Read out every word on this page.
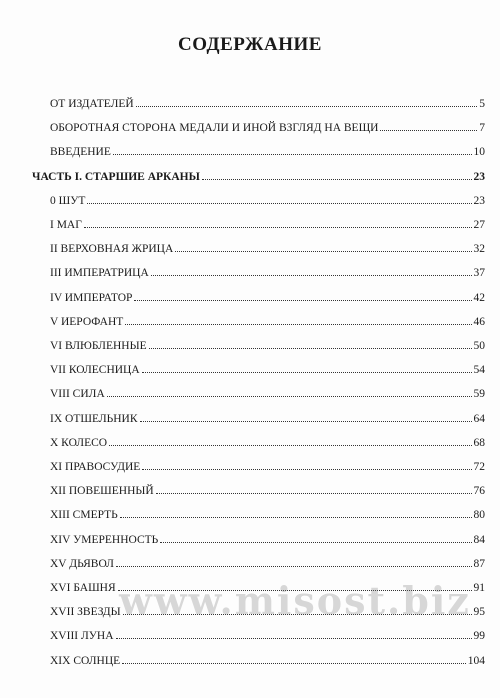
СОДЕРЖАНИЕ
ОТ ИЗДАТЕЛЕЙ	5
ОБОРОТНАЯ СТОРОНА МЕДАЛИ И ИНОЙ ВЗГЛЯД НА ВЕЩИ	7
ВВЕДЕНИЕ	10
ЧАСТЬ I. СТАРШИЕ АРКАНЫ	23
0 ШУТ	23
I МАГ	27
II ВЕРХОВНАЯ ЖРИЦА	32
III ИМПЕРАТРИЦА	37
IV ИМПЕРАТОР	42
V ИЕРОФАНТ	46
VI ВЛЮБЛЕННЫЕ	50
VII КОЛЕСНИЦА	54
VIII СИЛА	59
IX ОТШЕЛЬНИК	64
X КОЛЕСО	68
XI ПРАВОСУДИЕ	72
XII ПОВЕШЕННЫЙ	76
XIII СМЕРТЬ	80
XIV УМЕРЕННОСТЬ	84
XV ДЬЯВОЛ	87
XVI БАШНЯ	91
XVII ЗВЕЗДЫ	95
XVIII ЛУНА	99
XIX СОЛНЦЕ	104
www.misost.biz
